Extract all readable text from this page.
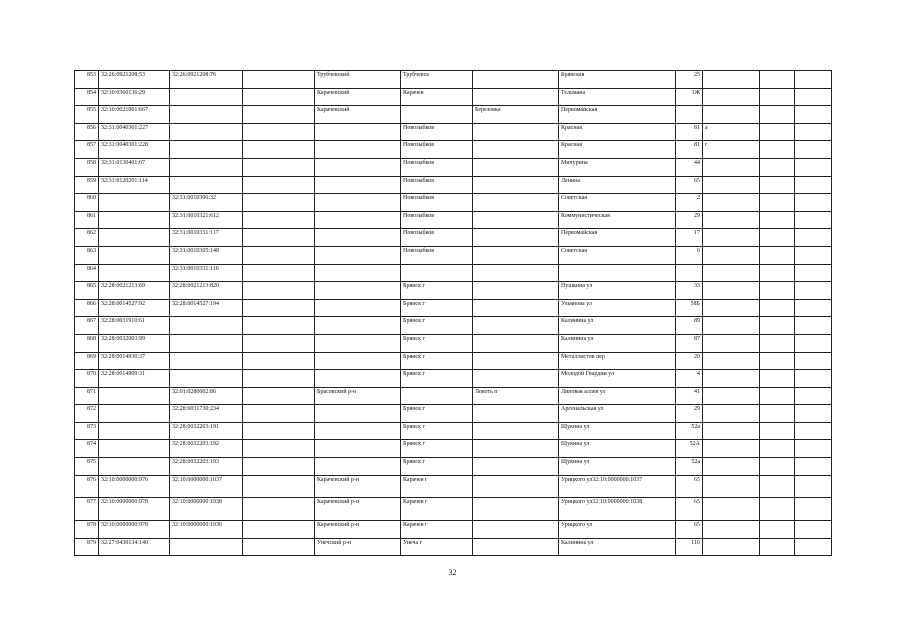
853	32:26:0921208:53	32:26:0921208:76		Трубчевский	Трубчевск		Брянская	25			
854	32:10:0360136:29			Карачевский	Карачев		Тельмана	1Ж			
855	32:10:0021001:667			Карачевский		Березовка	Первомайская				
856	32:31:0040301:227				Новозыбков		Красная	81	а		
857	32:31:0040301:228				Новозыбков		Красная	81	г		
858	32:31:0130401:67				Новозыбков		Мичурина	44			
859	32:31:0120201:114				Новозыбков		Ленина	65			
860		32:31:0010306:32			Новозыбков		Советская	2			
861		32:31:0010321:612			Новозыбков		Коммунистическая	29			
862		32:31:0010331:117			Новозыбков		Первомайская	17			
863		32:31:0010305:148			Новозыбков		Советская	6			
864		32:31:0010331:116									
865	32:28:0021213:69	32:28:0021213:820			Брянск г		Пушкина ул	33			
866	32:28:0014527:92	32:28:0014527:194			Брянск г		Ульянова ул	58Б			
867	32:28:0031910:61				Брянск г		Калинина ул	89			
868	32:28:0032003:99				Брянск г		Калинина ул	87			
869	32:28:0014930:37				Брянск г		Металлистов пер	20			
870	32:28:0014909:31				Брянск г		Молодой Гвардии ул	4			
871		32:01:0280002:86		Брасовский р-н		Локоть п	Липовая аллея ул	41			
872		32:28:0031730:234			Брянск г		Арсенальская ул	29			
873		32:28:0032203:191			Брянск г		Щукина ул	52а			
874		32:28:0032203:192			Брянск г		Щукина ул	52А			
875		32:28:0032203:193			Брянск г		Щукина ул	52а			
876	32:10:0000000:976	32:10:0000000:1037		Карачевский р-н	Карачев г		Урицкого ул32:10:0000000:1037	65			
877	32:10:0000000:978	32:10:0000000:1038		Карачевский р-н	Карачев г		Урицкого ул32:10:0000000:1038	65			
878	32:10:0000000:978	32:10:0000000:1036		Карачевский р-н	Карачев г		Урицкого ул	65			
879	32:27:0430134:140			Унечский р-н	Унеча г		Калинина ул	110			
32
